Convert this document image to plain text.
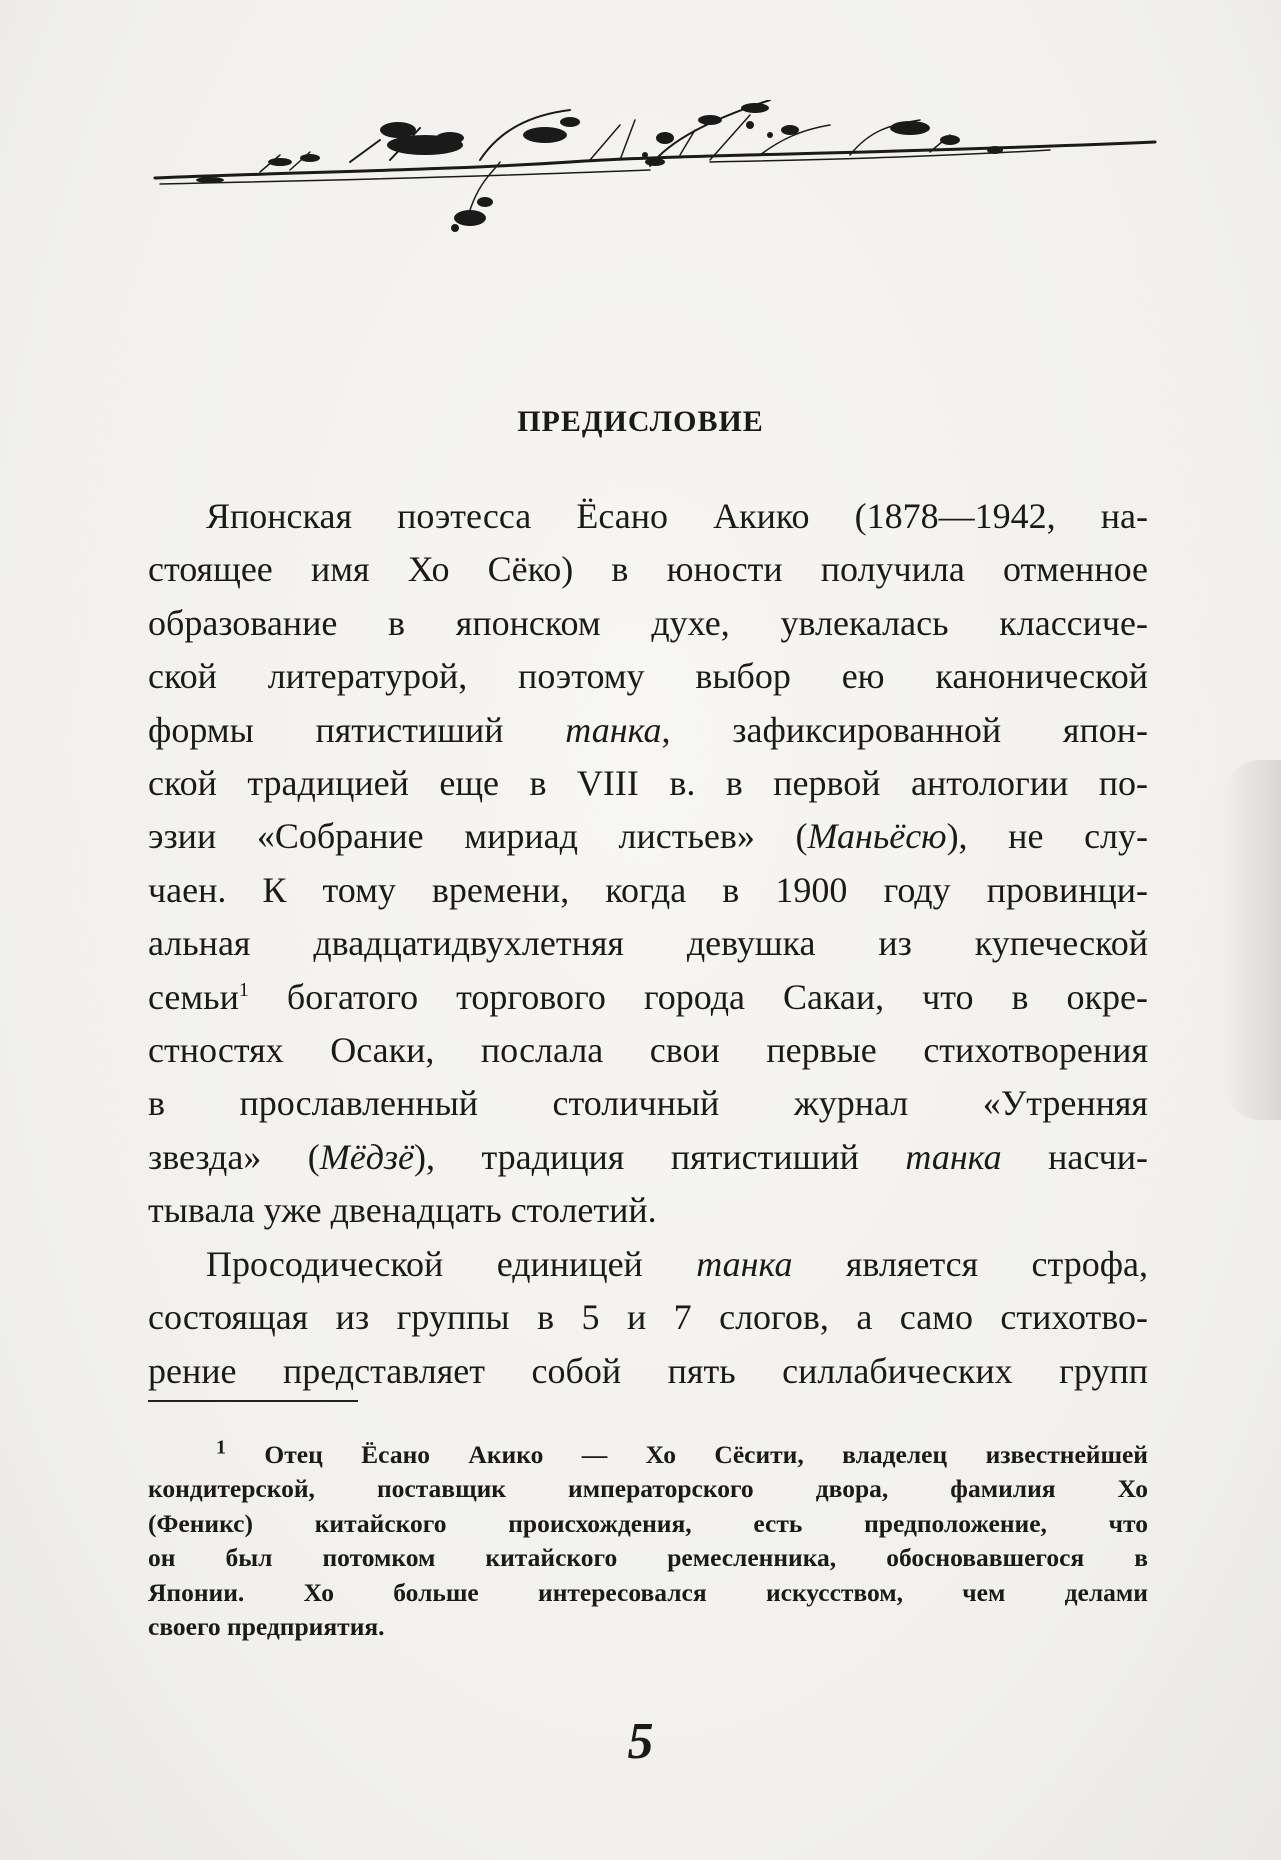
ПРЕДИСЛОВИЕ
Японская поэтесса Ёсано Акико (1878—1942, на-
стоящее имя Хо Сёко) в юности получила отменное
образование в японском духе, увлекалась классиче-
ской литературой, поэтому выбор ею канонической
формы пятистиший танка, зафиксированной япон-
ской традицией еще в VIII в. в первой антологии по-
эзии «Собрание мириад листьев» (Маньёсю), не слу-
чаен. К тому времени, когда в 1900 году провинци-
альная двадцатидвухлетняя девушка из купеческой
семьи$^1$ богатого торгового города Сакаи, что в окре-
стностях Осаки, послала свои первые стихотворения
в прославленный столичный журнал «Утренняя
звезда» (Мёдзё), традиция пятистиший танка насчи-
тывала уже двенадцать столетий.
Просодической единицей танка является строфа,
состоящая из группы в 5 и 7 слогов, а само стихотво-
рение представляет собой пять силлабических групп
$^1$ Отец Ёсано Акико — Хо Сёсити, владелец известнейшей
кондитерской, поставщик императорского двора, фамилия Хо
(Феникс) китайского происхождения, есть предположение, что
он был потомком китайского ремесленника, обосновавшегося в
Японии. Хо больше интересовался искусством, чем делами
своего предприятия.
5
